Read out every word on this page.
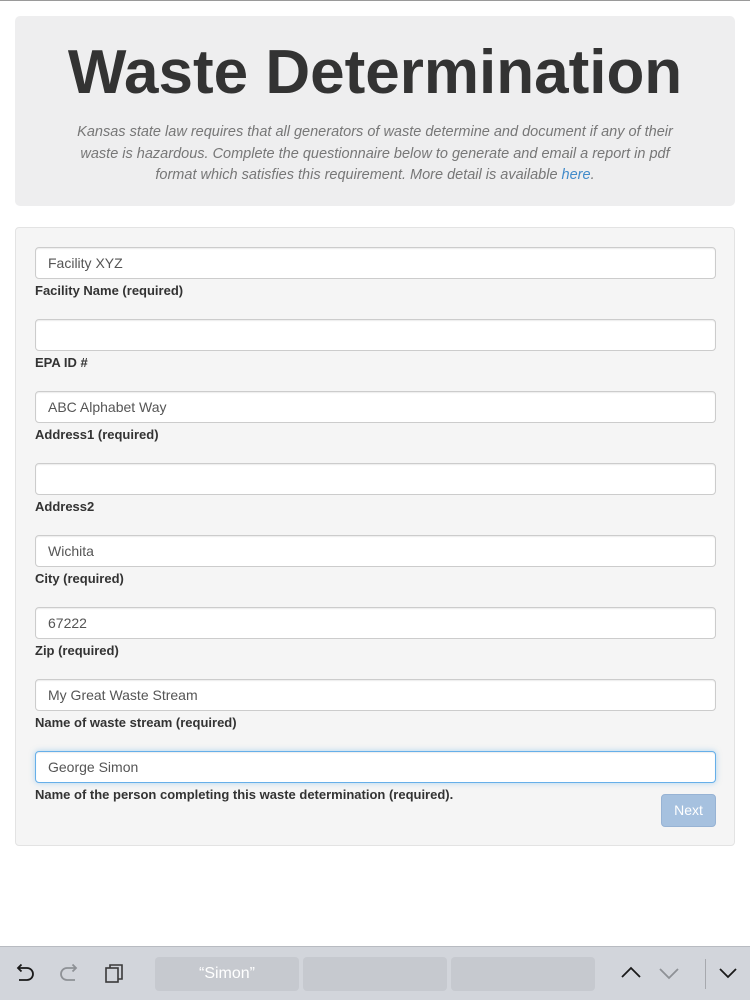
Waste Determination

Kansas state law requires that all generators of waste determine and document if any of their waste is hazardous. Complete the questionnaire below to generate and email a report in pdf format which satisfies this requirement. More detail is available here.

Facility XYZ
Facility Name (required)
EPA ID #
ABC Alphabet Way
Address1 (required)
Address2
Wichita
City (required)
67222
Zip (required)
My Great Waste Stream
Name of waste stream (required)
George Simon
Name of the person completing this waste determination (required).
Next
“Simon”
